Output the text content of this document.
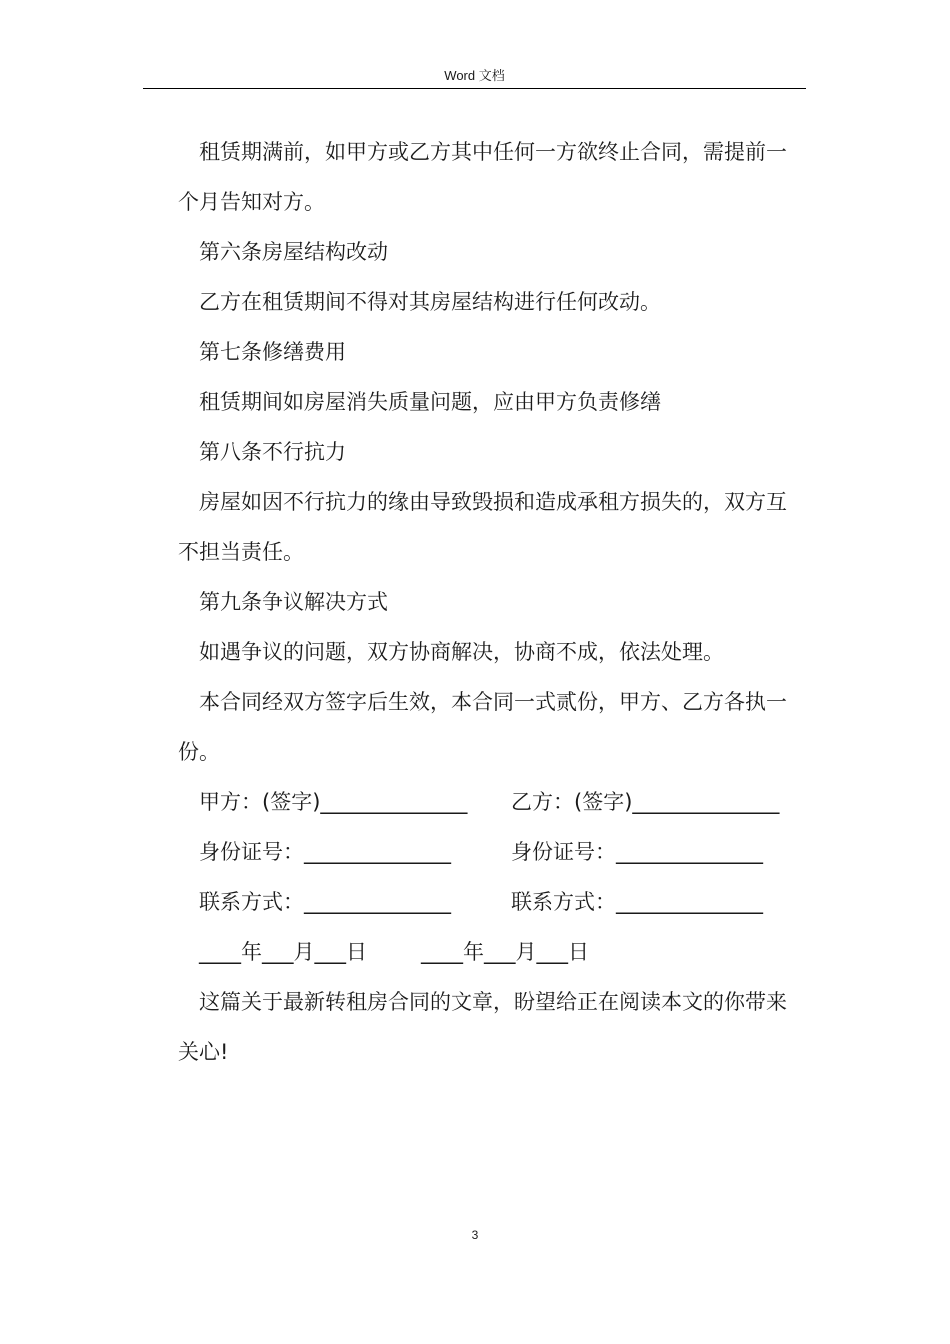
Word 文档

租赁期满前，如甲方或乙方其中任何一方欲终止合同，需提前一个月告知对方。

第六条房屋结构改动

乙方在租赁期间不得对其房屋结构进行任何改动。

第七条修缮费用

租赁期间如房屋消失质量问题，应由甲方负责修缮

第八条不行抗力

房屋如因不行抗力的缘由导致毁损和造成承租方损失的，双方互不担当责任。

第九条争议解决方式

如遇争议的问题，双方协商解决，协商不成，依法处理。

本合同经双方签字后生效，本合同一式贰份，甲方、乙方各执一份。

甲方：(签字)______________	乙方：(签字)______________
身份证号：______________	身份证号：______________
联系方式：______________	联系方式：______________
____年___月___日	____年___月___日

这篇关于最新转租房合同的文章，盼望给正在阅读本文的你带来关心!

3
